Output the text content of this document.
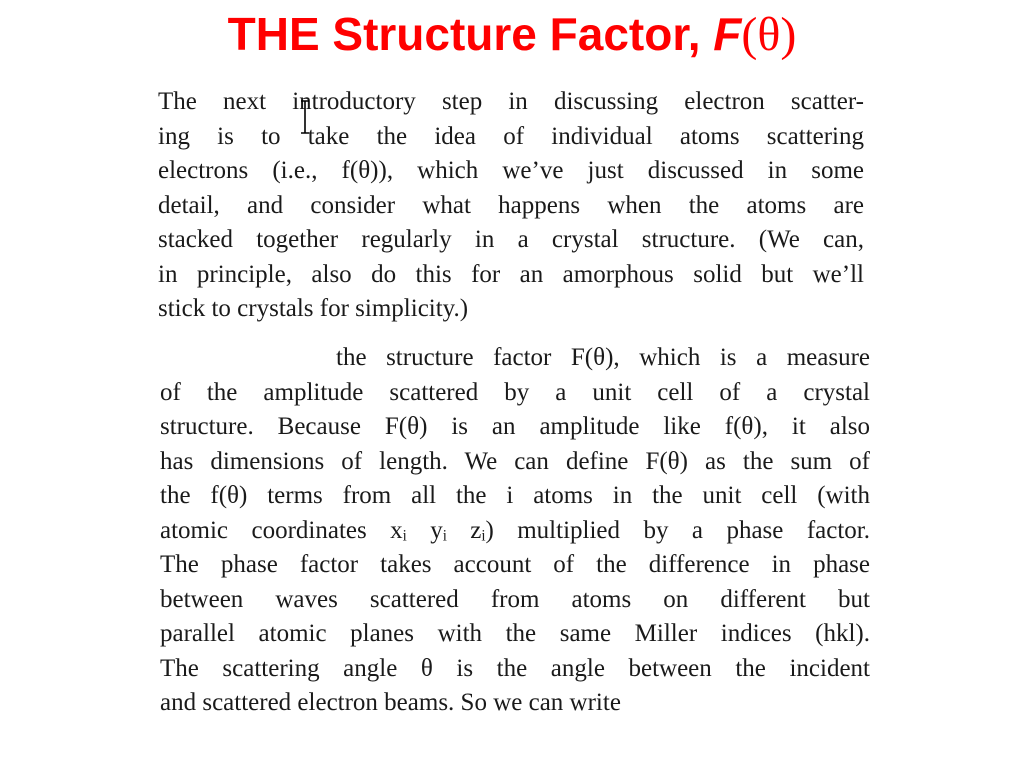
THE Structure Factor, F(θ)
The next introductory step in discussing electron scatter-
ing is to take the idea of individual atoms scattering
electrons (i.e., f(θ)), which we’ve just discussed in some
detail, and consider what happens when the atoms are
stacked together regularly in a crystal structure. (We can,
in principle, also do this for an amorphous solid but we’ll
stick to crystals for simplicity.)
the structure factor F(θ), which is a measure
of the amplitude scattered by a unit cell of a crystal
structure. Because F(θ) is an amplitude like f(θ), it also
has dimensions of length. We can define F(θ) as the sum of
the f(θ) terms from all the i atoms in the unit cell (with
atomic coordinates xᵢ yᵢ zᵢ) multiplied by a phase factor.
The phase factor takes account of the difference in phase
between waves scattered from atoms on different but
parallel atomic planes with the same Miller indices (hkl).
The scattering angle θ is the angle between the incident
and scattered electron beams. So we can write
